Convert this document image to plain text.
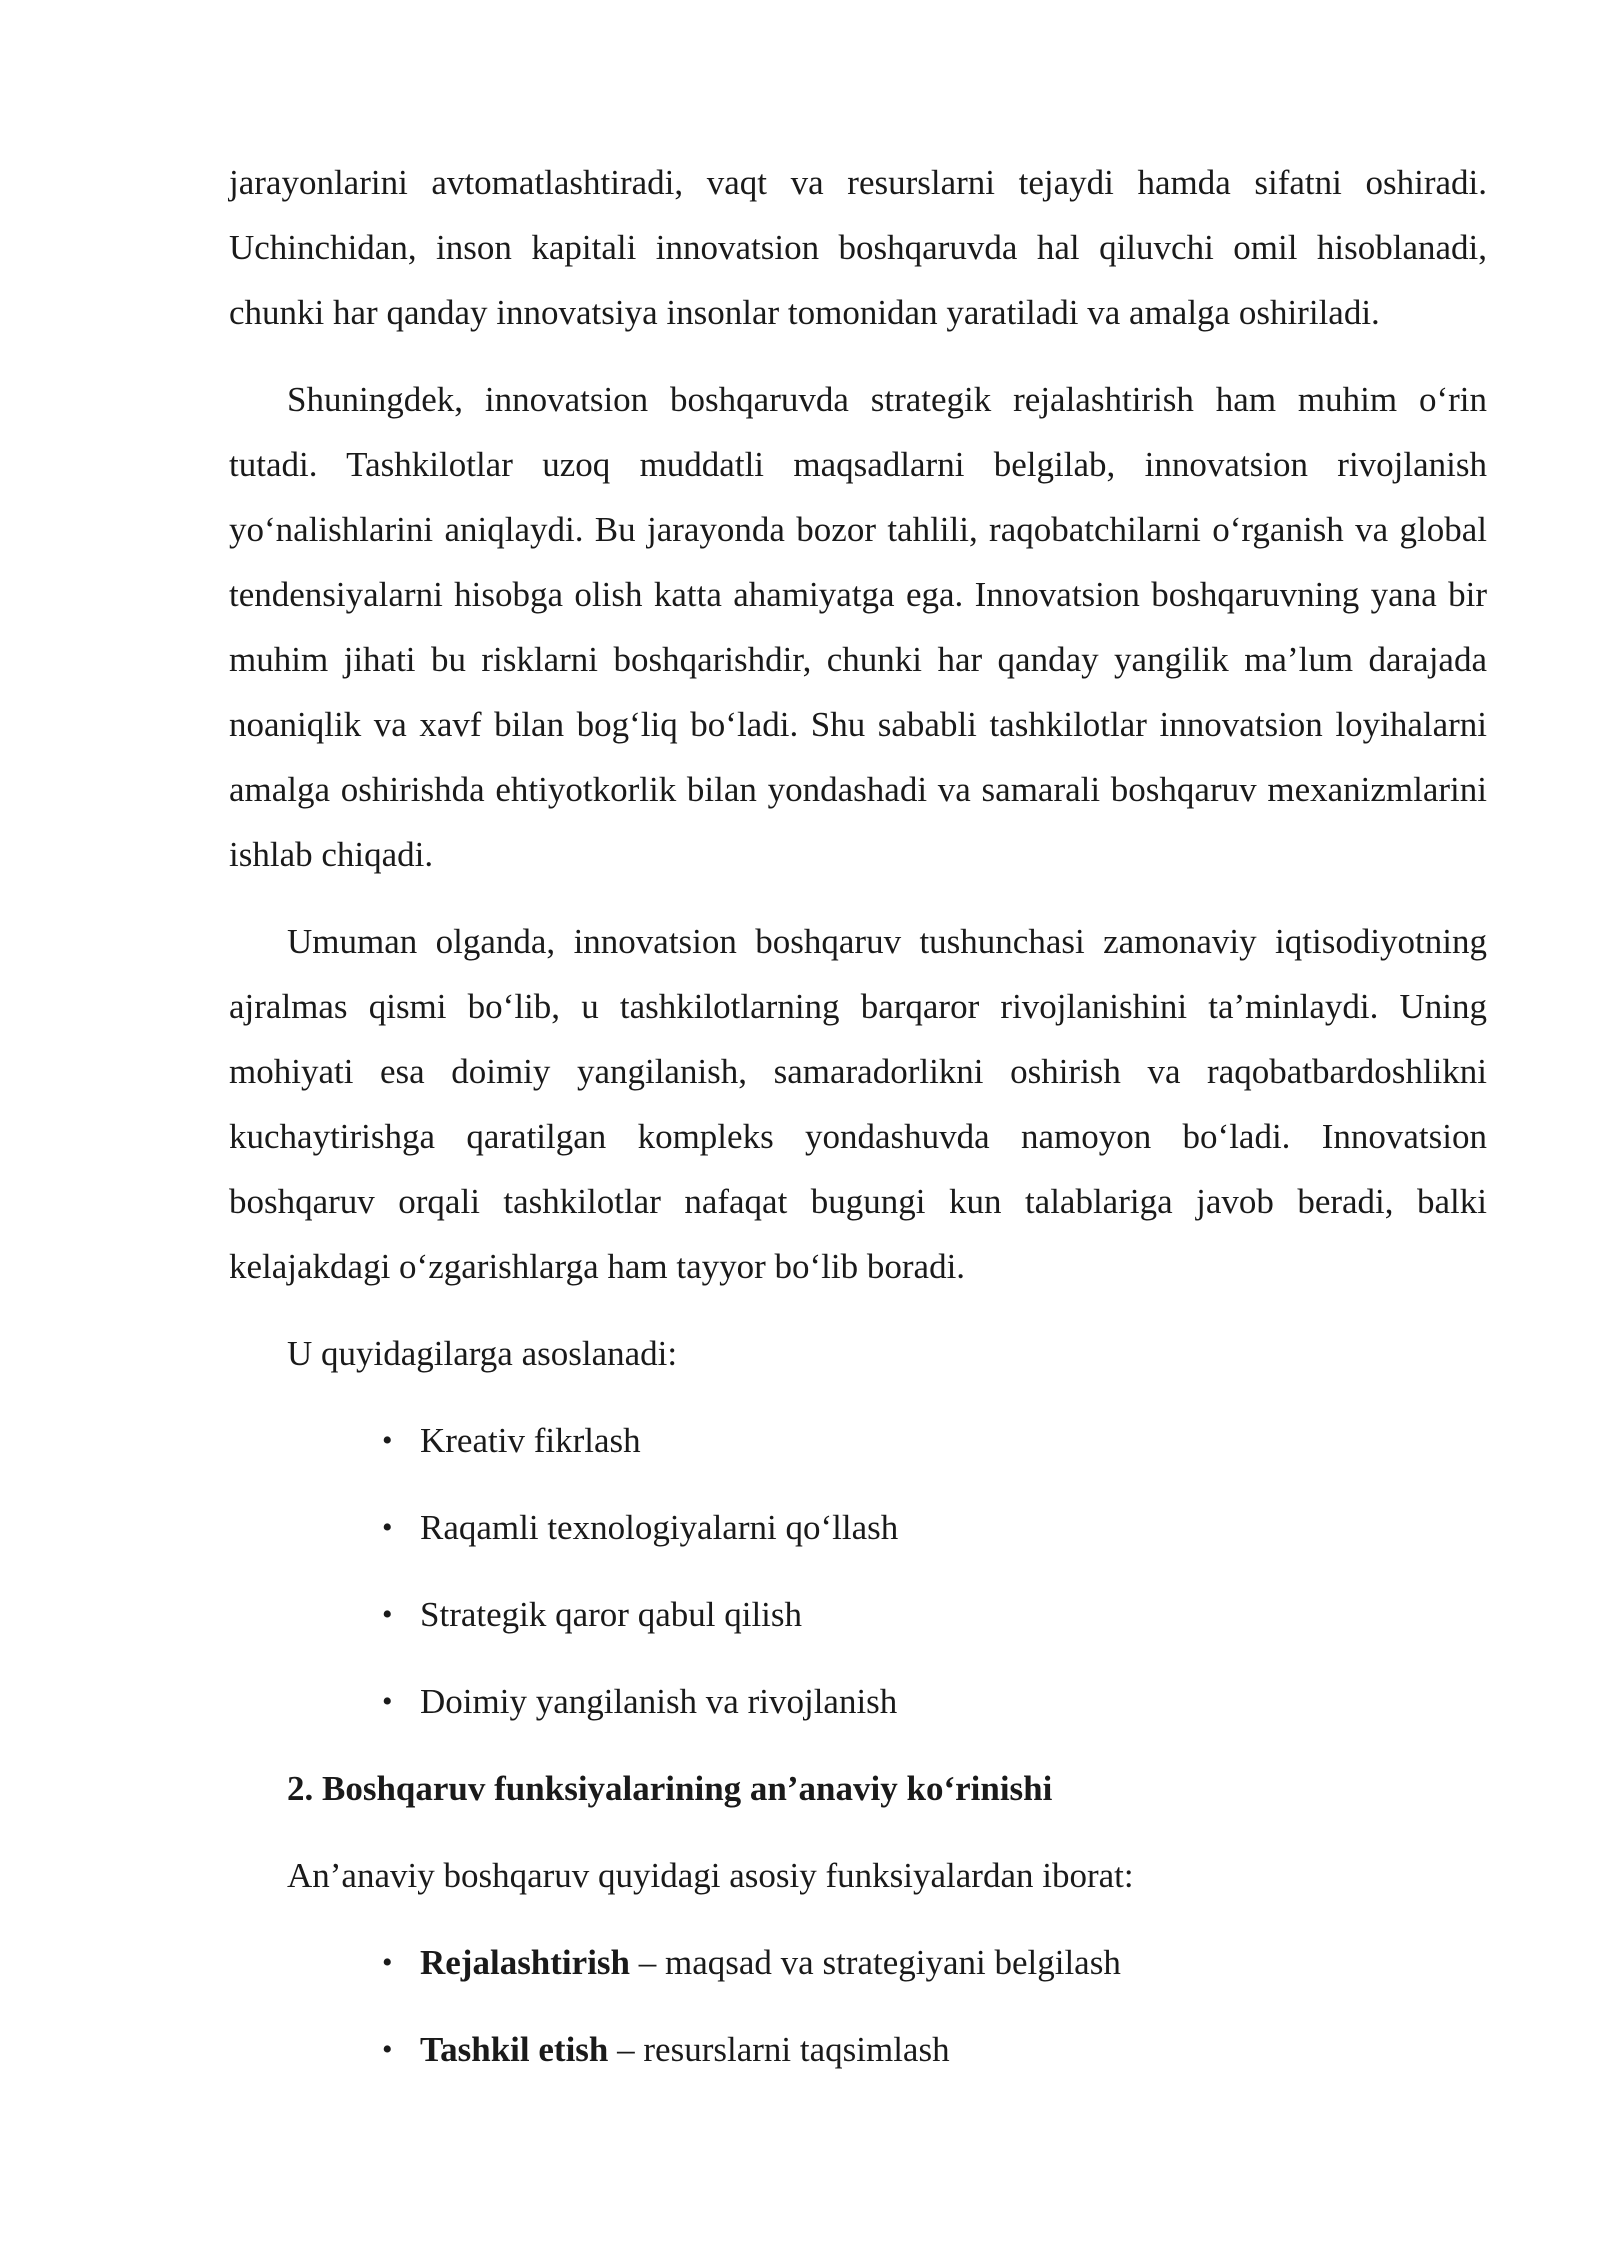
jarayonlarini avtomatlashtiradi, vaqt va resurslarni tejaydi hamda sifatni oshiradi. Uchinchidan, inson kapitali innovatsion boshqaruvda hal qiluvchi omil hisoblanadi, chunki har qanday innovatsiya insonlar tomonidan yaratiladi va amalga oshiriladi.

Shuningdek, innovatsion boshqaruvda strategik rejalashtirish ham muhim o‘rin tutadi. Tashkilotlar uzoq muddatli maqsadlarni belgilab, innovatsion rivojlanish yo‘nalishlarini aniqlaydi. Bu jarayonda bozor tahlili, raqobatchilarni o‘rganish va global tendensiyalarni hisobga olish katta ahamiyatga ega. Innovatsion boshqaruvning yana bir muhim jihati bu risklarni boshqarishdir, chunki har qanday yangilik ma’lum darajada noaniqlik va xavf bilan bog‘liq bo‘ladi. Shu sababli tashkilotlar innovatsion loyihalarni amalga oshirishda ehtiyotkorlik bilan yondashadi va samarali boshqaruv mexanizmlarini ishlab chiqadi.

Umuman olganda, innovatsion boshqaruv tushunchasi zamonaviy iqtisodiyotning ajralmas qismi bo‘lib, u tashkilotlarning barqaror rivojlanishini ta’minlaydi. Uning mohiyati esa doimiy yangilanish, samaradorlikni oshirish va raqobatbardoshlikni kuchaytirishga qaratilgan kompleks yondashuvda namoyon bo‘ladi. Innovatsion boshqaruv orqali tashkilotlar nafaqat bugungi kun talablariga javob beradi, balki kelajakdagi o‘zgarishlarga ham tayyor bo‘lib boradi.

U quyidagilarga asoslanadi:

• Kreativ fikrlash
• Raqamli texnologiyalarni qo‘llash
• Strategik qaror qabul qilish
• Doimiy yangilanish va rivojlanish

2. Boshqaruv funksiyalarining an’anaviy ko‘rinishi

An’anaviy boshqaruv quyidagi asosiy funksiyalardan iborat:

• Rejalashtirish – maqsad va strategiyani belgilash
• Tashkil etish – resurslarni taqsimlash
